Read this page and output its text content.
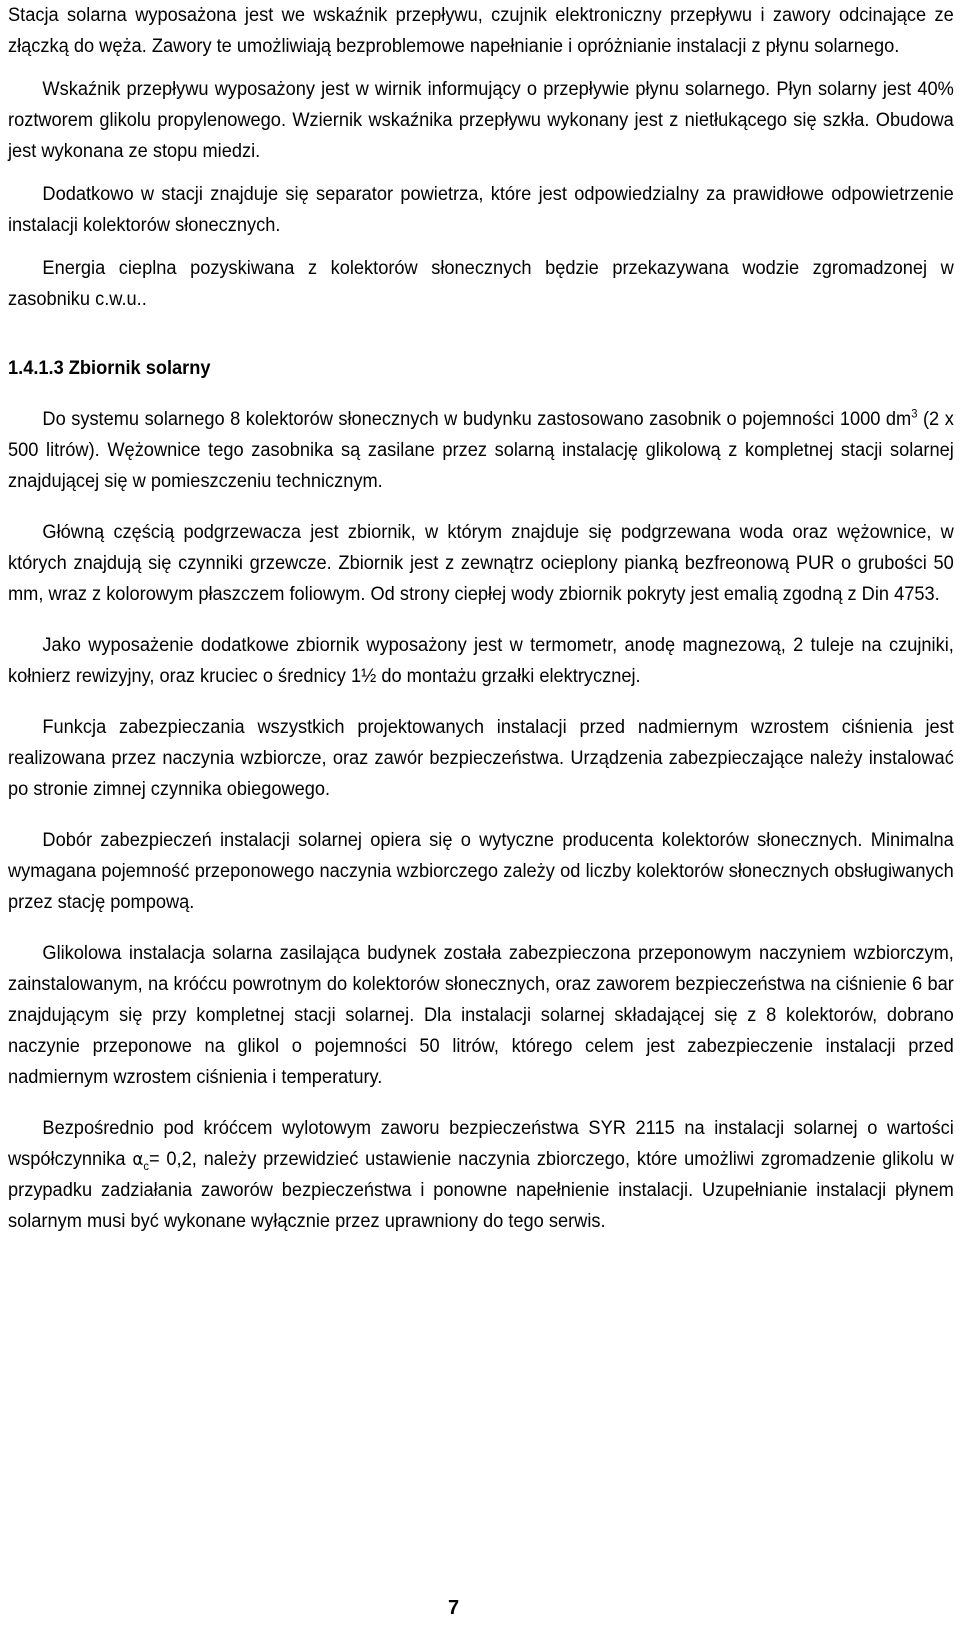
Stacja solarna wyposażona jest we wskaźnik przepływu, czujnik elektroniczny przepływu i zawory odcinające ze złączką do węża. Zawory te umożliwiają bezproblemowe napełnianie i opróżnianie instalacji z płynu solarnego.

Wskaźnik przepływu wyposażony jest w wirnik informujący o przepływie płynu solarnego. Płyn solarny jest 40% roztworem glikolu propylenowego. Wziernik wskaźnika przepływu wykonany jest z nietłukącego się szkła. Obudowa jest wykonana ze stopu miedzi.

Dodatkowo w stacji znajduje się separator powietrza, które jest odpowiedzialny za prawidłowe odpowietrzenie instalacji kolektorów słonecznych.

Energia cieplna pozyskiwana z kolektorów słonecznych będzie przekazywana wodzie zgromadzonej w zasobniku c.w.u..

1.4.1.3 Zbiornik solarny

Do systemu solarnego 8 kolektorów słonecznych w budynku zastosowano zasobnik o pojemności 1000 $dm^3$ (2 x 500 litrów). Wężownice tego zasobnika są zasilane przez solarną instalację glikolową z kompletnej stacji solarnej znajdującej się w pomieszczeniu technicznym.

Główną częścią podgrzewacza jest zbiornik, w którym znajduje się podgrzewana woda oraz wężownice, w których znajdują się czynniki grzewcze. Zbiornik jest z zewnątrz ocieplony pianką bezfreonową PUR o grubości 50 mm, wraz z kolorowym płaszczem foliowym. Od strony ciepłej wody zbiornik pokryty jest emalią zgodną z Din 4753.

Jako wyposażenie dodatkowe zbiornik wyposażony jest w termometr, anodę magnezową, 2 tuleje na czujniki, kołnierz rewizyjny, oraz kruciec o średnicy 1½ do montażu grzałki elektrycznej.

Funkcja zabezpieczania wszystkich projektowanych instalacji przed nadmiernym wzrostem ciśnienia jest realizowana przez naczynia wzbiorcze, oraz zawór bezpieczeństwa. Urządzenia zabezpieczające należy instalować po stronie zimnej czynnika obiegowego.

Dobór zabezpieczeń instalacji solarnej opiera się o wytyczne producenta kolektorów słonecznych. Minimalna wymagana pojemność przeponowego naczynia wzbiorczego zależy od liczby kolektorów słonecznych obsługiwanych przez stację pompową.

Glikolowa instalacja solarna zasilająca budynek została zabezpieczona przeponowym naczyniem wzbiorczym, zainstalowanym, na króćcu powrotnym do kolektorów słonecznych, oraz zaworem bezpieczeństwa na ciśnienie 6 bar znajdującym się przy kompletnej stacji solarnej. Dla instalacji solarnej składającej się z 8 kolektorów, dobrano naczynie przeponowe na glikol o pojemności 50 litrów, którego celem jest zabezpieczenie instalacji przed nadmiernym wzrostem ciśnienia i temperatury.

Bezpośrednio pod króćcem wylotowym zaworu bezpieczeństwa SYR 2115 na instalacji solarnej o wartości współczynnika $\alpha_c= 0,2$, należy przewidzieć ustawienie naczynia zbiorczego, które umożliwi zgromadzenie glikolu w przypadku zadziałania zaworów bezpieczeństwa i ponowne napełnienie instalacji. Uzupełnianie instalacji płynem solarnym musi być wykonane wyłącznie przez uprawniony do tego serwis.

7
